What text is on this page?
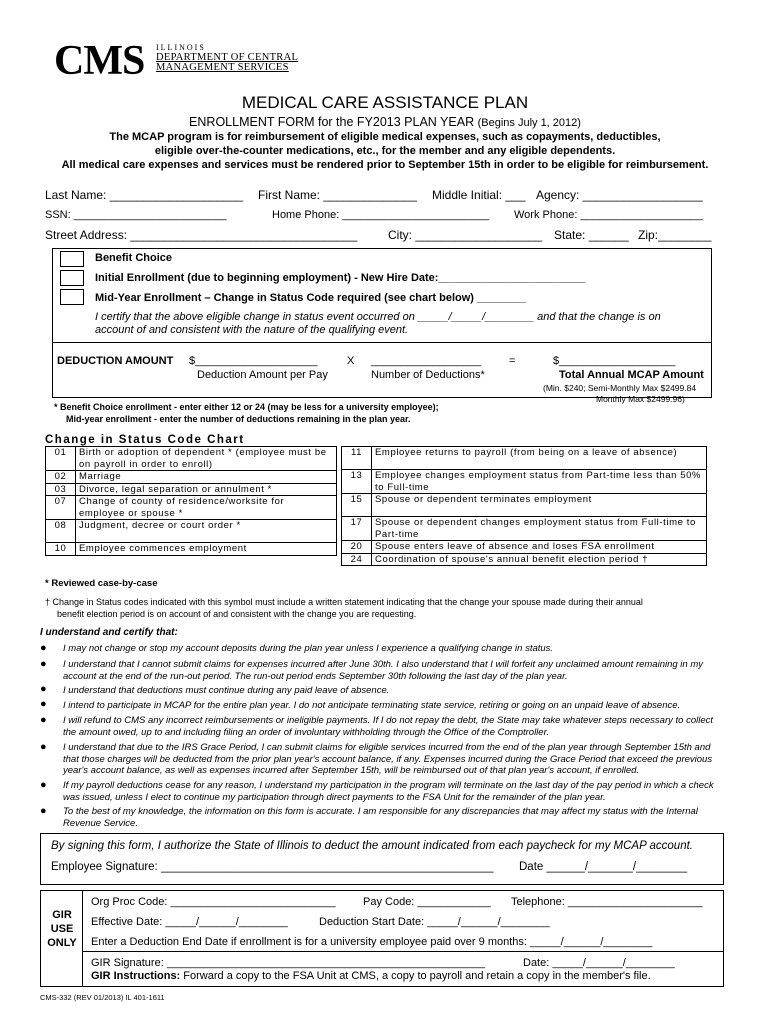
CMS ILLINOIS
DEPARTMENT OF CENTRAL
MANAGEMENT SERVICES
MEDICAL CARE ASSISTANCE PLAN
ENROLLMENT FORM for the FY2013 PLAN YEAR (Begins July 1, 2012)
The MCAP program is for reimbursement of eligible medical expenses, such as copayments, deductibles,
eligible over-the-counter medications, etc., for the member and any eligible dependents.
All medical care expenses and services must be rendered prior to September 15th in order to be eligible for reimbursement.
Last Name: ____________________ First Name: ______________ Middle Initial: ___ Agency: __________________
SSN: _________________________	Home Phone: ________________________ Work Phone: ____________________
Street Address: __________________________________	City: ___________________ State: ______ Zip:________
Benefit Choice
Initial Enrollment (due to beginning employment) - New Hire Date:________________________
Mid-Year Enrollment – Change in Status Code required (see chart below) ________
I certify that the above eligible change in status event occurred on _____/_____/________ and that the change is on
account of and consistent with the nature of the qualifying event.
DEDUCTION AMOUNT $____________________	X __________________	=	$___________________
Deduction Amount per Pay	Number of Deductions*	Total Annual MCAP Amount
(Min. $240; Semi-Monthly Max $2499.84
Monthly Max $2499.96)
* Benefit Choice enrollment - enter either 12 or 24 (may be less for a university employee);
Mid-year enrollment - enter the number of deductions remaining in the plan year.
Change in Status Code Chart
01	Birth or adoption of dependent * (employee must be on payroll in order to enroll)
02	Marriage
03	Divorce, legal separation or annulment *
07	Change of county of residence/worksite for employee or spouse *
08	Judgment, decree or court order *
10	Employee commences employment
11	Employee returns to payroll (from being on a leave of absence)
13	Employee changes employment status from Part-time less than 50% to Full-time
15	Spouse or dependent terminates employment
17	Spouse or dependent changes employment status from Full-time to Part-time
20	Spouse enters leave of absence and loses FSA enrollment
24	Coordination of spouse's annual benefit election period †
* Reviewed case-by-case
† Change in Status codes indicated with this symbol must include a written statement indicating that the change your spouse made during their annual
benefit election period is on account of and consistent with the change you are requesting.
I understand and certify that:
● I may not change or stop my account deposits during the plan year unless I experience a qualifying change in status.
● I understand that I cannot submit claims for expenses incurred after June 30th. I also understand that I will forfeit any unclaimed amount remaining in my account at the end of the run-out period. The run-out period ends September 30th following the last day of the plan year.
● I understand that deductions must continue during any paid leave of absence.
● I intend to participate in MCAP for the entire plan year. I do not anticipate terminating state service, retiring or going on an unpaid leave of absence.
● I will refund to CMS any incorrect reimbursements or ineligible payments. If I do not repay the debt, the State may take whatever steps necessary to collect the amount owed, up to and including filing an order of involuntary withholding through the Office of the Comptroller.
● I understand that due to the IRS Grace Period, I can submit claims for eligible services incurred from the end of the plan year through September 15th and that those charges will be deducted from the prior plan year's account balance, if any. Expenses incurred during the Grace Period that exceed the previous year's account balance, as well as expenses incurred after September 15th, will be reimbursed out of that plan year's account, if enrolled.
● If my payroll deductions cease for any reason, I understand my participation in the program will terminate on the last day of the pay period in which a check was issued, unless I elect to continue my participation through direct payments to the FSA Unit for the remainder of the plan year.
● To the best of my knowledge, the information on this form is accurate. I am responsible for any discrepancies that may affect my status with the Internal Revenue Service.
By signing this form, I authorize the State of Illinois to deduct the amount indicated from each paycheck for my MCAP account.
Employee Signature: ____________________________________________________ Date ______/_______/________
GIR
USE
ONLY
Org Proc Code: ___________________________ Pay Code: ____________ Telephone: ______________________
Effective Date: _____/______/________	Deduction Start Date: _____/______/________
Enter a Deduction End Date if enrollment is for a university employee paid over 9 months: _____/______/________
GIR Signature: ____________________________________________________	Date: _____/______/________
GIR Instructions: Forward a copy to the FSA Unit at CMS, a copy to payroll and retain a copy in the member's file.
CMS-332 (REV 01/2013) IL 401-1611
